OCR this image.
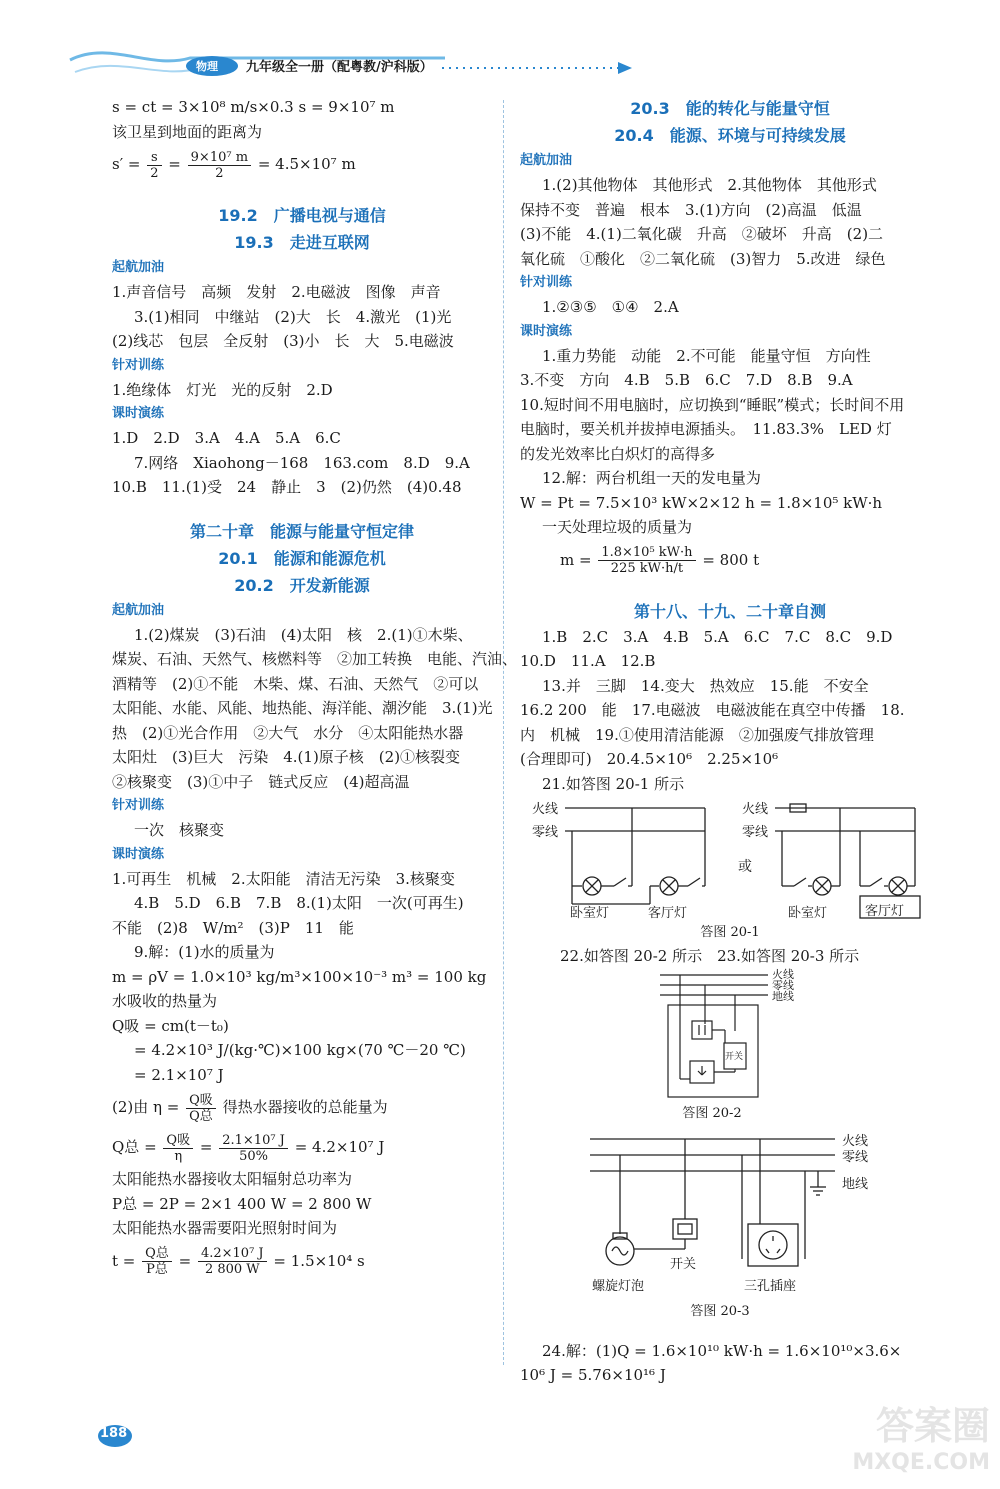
物理 九年级全一册（配粤教/沪科版）
s = ct = 3×10⁸ m/s×0.3 s = 9×10⁷ m
该卫星到地面的距离为
$s' = \frac{s}{2} = \frac{\text{9×10⁷ m}}{2} = 4.5\times 10^7$ m
19.2　广播电视与通信
19.3　走进互联网
起航加油
1.声音信号　高频　发射　2.电磁波　图像　声音
3.(1)相同　中继站　(2)大　长　4.激光　(1)光
(2)线芯　包层　全反射　(3)小　长　大　5.电磁波
针对训练
1.绝缘体　灯光　光的反射　2.D
课时演练
1.D　2.D　3.A　4.A　5.A　6.C
7.网络　Xiaohong－168　163.com　8.D　9.A
10.B　11.(1)受　24　静止　3　(2)仍然　(4)0.48
第二十章　能源与能量守恒定律
20.1　能源和能源危机
20.2　开发新能源
起航加油
1.(2)煤炭　(3)石油　(4)太阳　核　2.(1)①木柴、
煤炭、石油、天然气、核燃料等　②加工转换　电能、汽油、
酒精等　(2)①不能　木柴、煤、石油、天然气　②可以
太阳能、水能、风能、地热能、海洋能、潮汐能　3.(1)光
热　(2)①光合作用　②大气　水分　④太阳能热水器
太阳灶　(3)巨大　污染　4.(1)原子核　(2)①核裂变
②核聚变　(3)①中子　链式反应　(4)超高温
针对训练
一次　核聚变
课时演练
1.可再生　机械　2.太阳能　清洁无污染　3.核聚变
4.B　5.D　6.B　7.B　8.(1)太阳　一次(可再生)
不能　(2)8　W/m²　(3)P　11　能
9.解：(1)水的质量为
m = ρV = 1.0×10³ kg/m³×100×10⁻³ m³ = 100 kg
水吸收的热量为
Q吸 = cm(t－t₀)
= 4.2×10³ J/(kg·℃)×100 kg×(70 ℃－20 ℃)
= 2.1×10⁷ J
(2)由 $\eta = \frac{\text{Q吸}}{\text{Q总}}$ 得热水器接收的总能量为
Q总 = $\frac{\text{Q吸}}{\eta} = \frac{\text{2.1×10⁷ J}}{50\%} = 4.2\times 10^7$ J
太阳能热水器接收太阳辐射总功率为
P总 = 2P = 2×1 400 W = 2 800 W
太阳能热水器需要阳光照射时间为
$t = \frac{\text{Q总}}{\text{P总}} = \frac{\text{4.2×10⁷ J}}{2 800 W} = 1.5\times 10^4$ s
20.3　能的转化与能量守恒
20.4　能源、环境与可持续发展
起航加油
1.(2)其他物体　其他形式　2.其他物体　其他形式
保持不变　普遍　根本　3.(1)方向　(2)高温　低温
(3)不能　4.(1)二氧化碳　升高　②破坏　升高　(2)二
氧化硫　①酸化　②二氧化硫　(3)智力　5.改进　绿色
针对训练
1.②③⑤　①④　2.A
课时演练
1.重力势能　动能　2.不可能　能量守恒　方向性
3.不变　方向　4.B　5.B　6.C　7.D　8.B　9.A
10.短时间不用电脑时，应切换到“睡眠”模式；长时间不用
电脑时，要关机并拔掉电源插头。　11.83.3%　LED 灯
的发光效率比白炽灯的高得多
12.解：两台机组一天的发电量为
W = Pt = 7.5×10³ kW×2×12 h = 1.8×10⁵ kW·h
一天处理垃圾的质量为
$m = \frac{\text{1.8×10⁵ kW·h}}{225 kW\cdot h/t} = 800$ t
第十八、十九、二十章自测
1.B　2.C　3.A　4.B　5.A　6.C　7.C　8.C　9.D
10.D　11.A　12.B
13.并　三脚　14.变大　热效应　15.能　不安全
16.2 200　能　17.电磁波　电磁波能在真空中传播　18.
内　机械　19.①使用清洁能源　②加强废气排放管理
(合理即可)　20.4.5×10⁶　2.25×10⁶
21.如答图 20-1 所示
火线
零线
或
火线
零线
卧室灯	客厅灯	卧室灯	客厅灯
答图 20-1
22.如答图 20-2 所示　23.如答图 20-3 所示
火线
零线
地线
开关
答图 20-2
火线
零线
地线
螺旋灯泡
开关
三孔插座
答图 20-3
24.解：(1)Q = 1.6×10¹⁰ kW·h = 1.6×10¹⁰×3.6×
10⁶ J = 5.76×10¹⁶ J
188	答案圈
MXQE.COM
